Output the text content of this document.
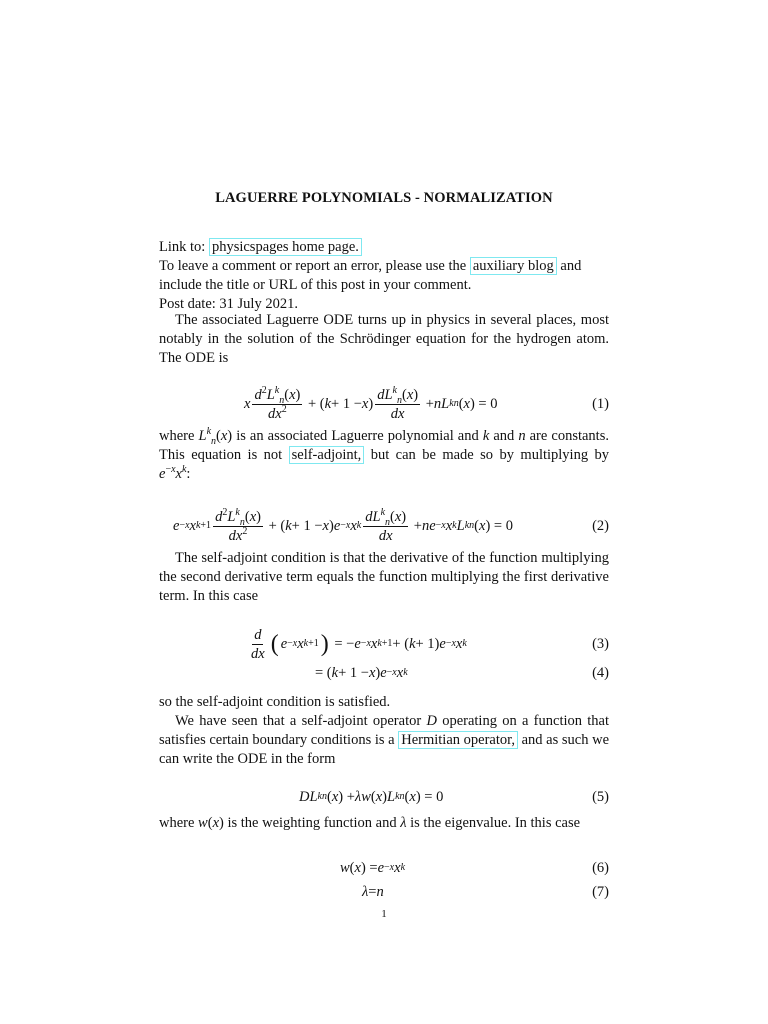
LAGUERRE POLYNOMIALS - NORMALIZATION

Link to: physicspages home page.
To leave a comment or report an error, please use the auxiliary blog and include the title or URL of this post in your comment.
Post date: 31 July 2021.

The associated Laguerre ODE turns up in physics in several places, most notably in the solution of the Schrödinger equation for the hydrogen atom. The ODE is

x $\frac{d^2L^k_n(x)}{dx^2}$ + ( k + 1 − x ) $\frac{dL^k_n(x)}{dx}$ + nL k n ( x ) = 0	(1)

where $L^k_n(x)$ is an associated Laguerre polynomial and k and n are constants. This equation is not self-adjoint, but can be made so by multiplying by $e^{-x}x^k$:

e −x x $k+1 \frac{d^2L^k_n(x)}{dx^2}$ + ( k + 1 − x ) e −x x k $\frac{dL^k_n(x)}{dx}$ + ne −x x k L k n ( x ) = 0	(2)

The self-adjoint condition is that the derivative of the function multiplying the second derivative term equals the function multiplying the first derivative term. In this case

$\frac{d}{dx}$ ( e −x x k+1 ) = − e −x x k+1 + ( k + 1) e −x x k	(3)
= ( k + 1 − x ) e −x x k	(4)

so the self-adjoint condition is satisfied.

We have seen that a self-adjoint operator D operating on a function that satisfies certain boundary conditions is a Hermitian operator, and as such we can write the ODE in the form

DL k n ( x ) + λw ( x ) L k n ( x ) = 0	(5)

where w(x) is the weighting function and λ is the eigenvalue. In this case

w ( x ) = e −x x k	(6)
λ = n	(7)
1
